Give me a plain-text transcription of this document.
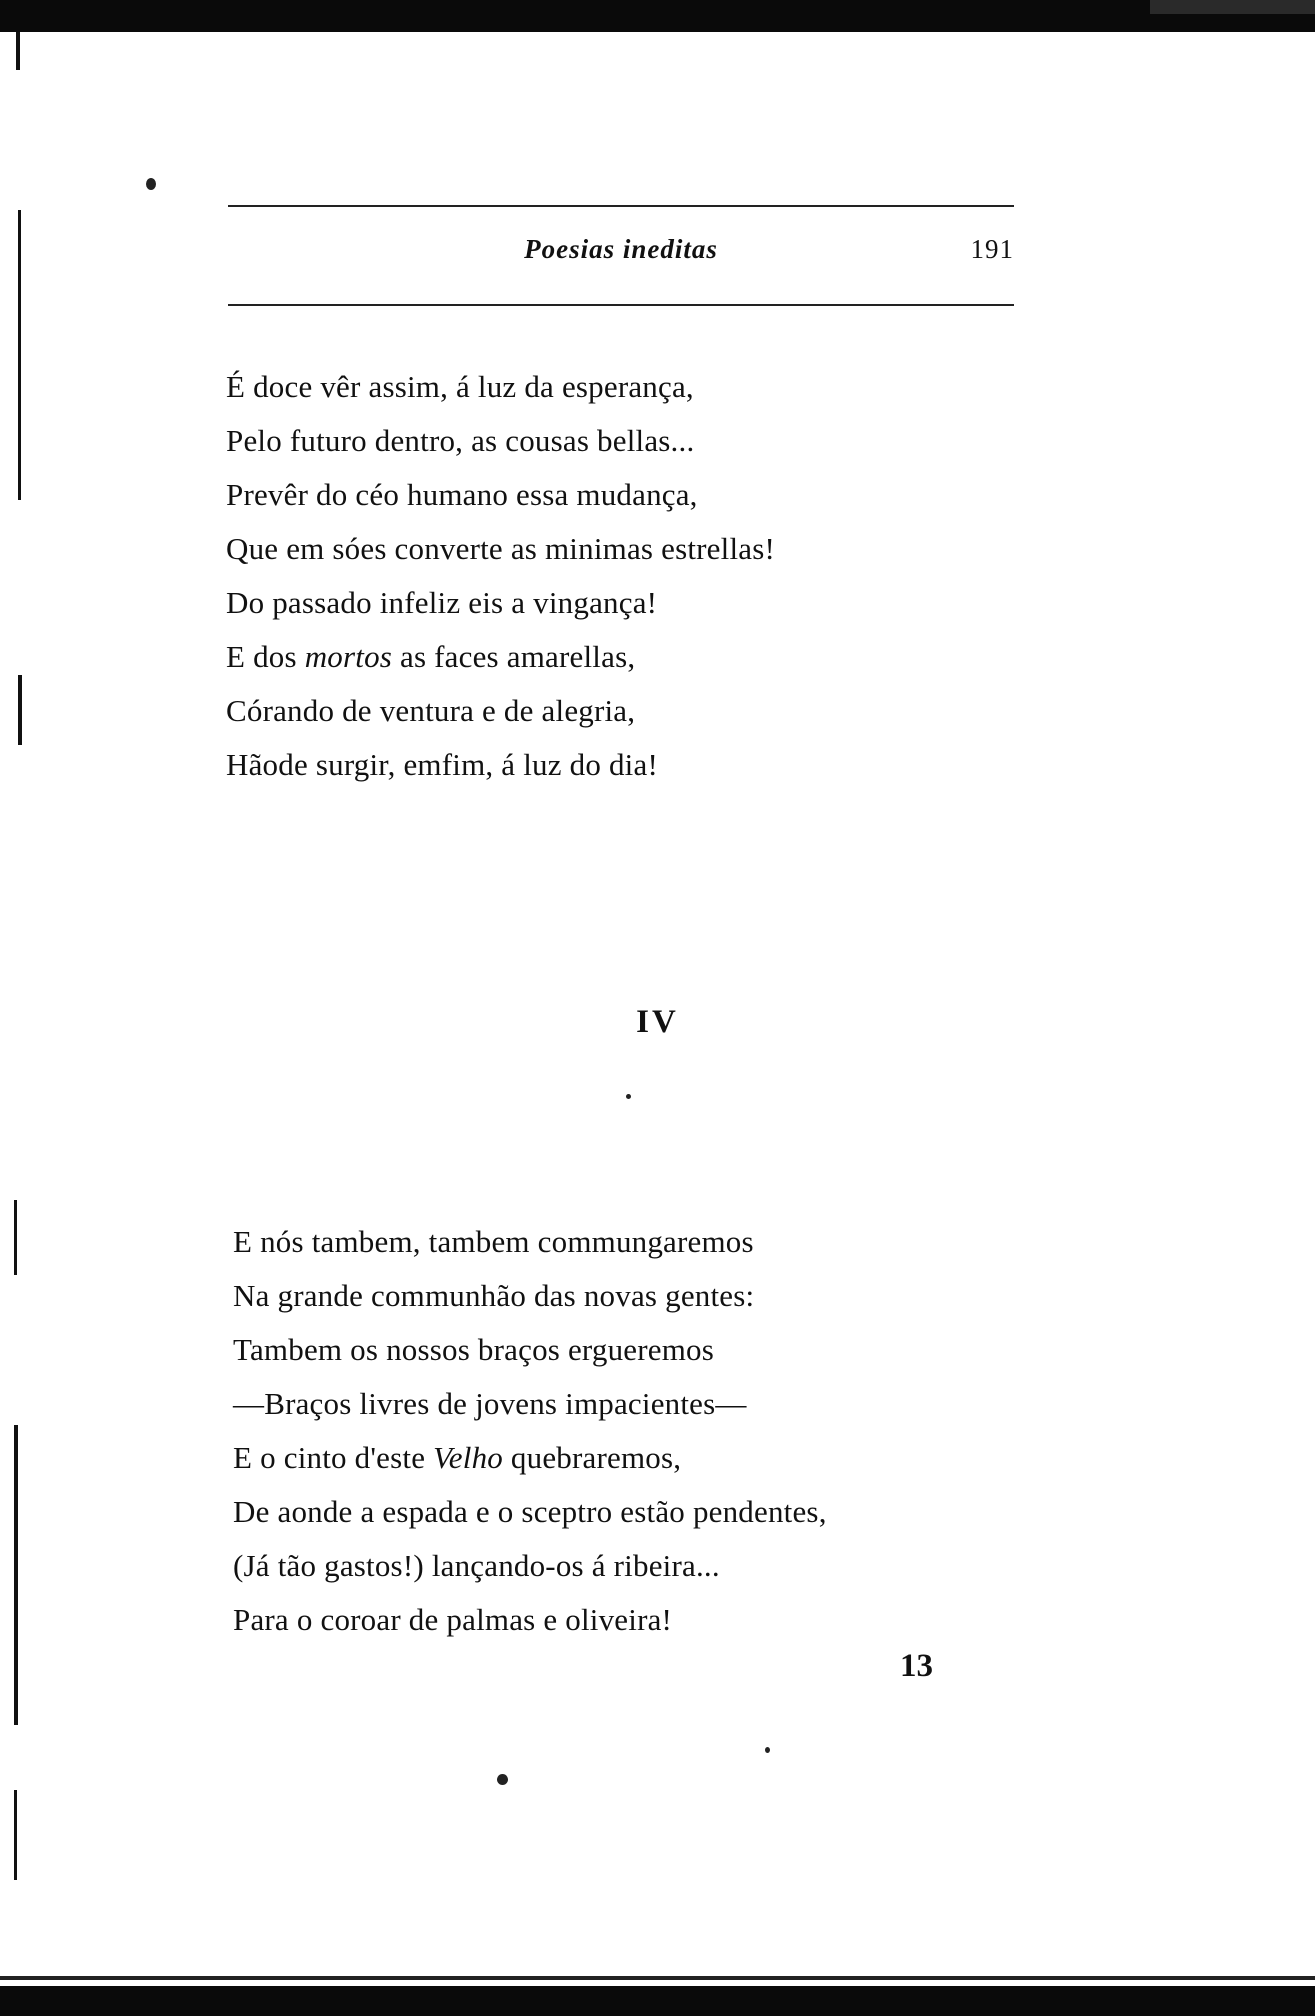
Poesias ineditas	191
É doce vêr assim, á luz da esperança,
Pelo futuro dentro, as cousas bellas...
Prevêr do céo humano essa mudança,
Que em sóes converte as minimas estrellas!
Do passado infeliz eis a vingança!
E dos mortos as faces amarellas,
Córando de ventura e de alegria,
Hãode surgir, emfim, á luz do dia!
IV
E nós tambem, tambem commungaremos
Na grande communhão das novas gentes:
Tambem os nossos braços ergueremos
—Braços livres de jovens impacientes—
E o cinto d'este Velho quebraremos,
De aonde a espada e o sceptro estão pendentes,
(Já tão gastos!) lançando-os á ribeira...
Para o coroar de palmas e oliveira!
13
